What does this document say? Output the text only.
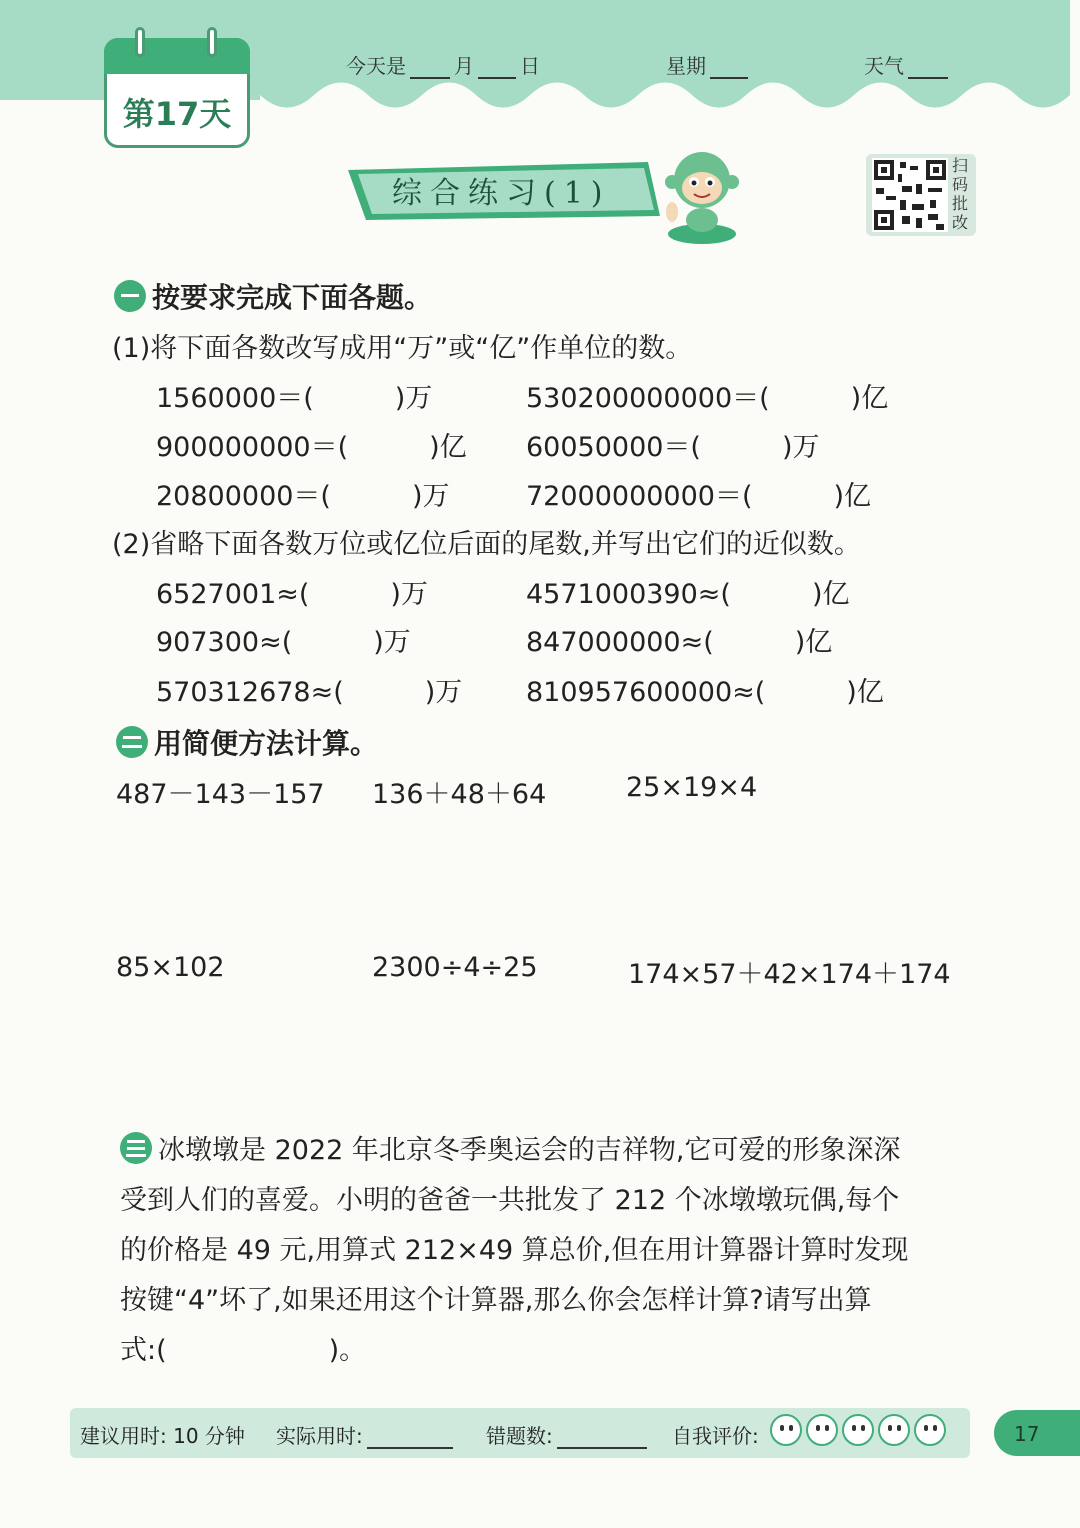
第17天
今天是 月 日	星期	天气
综合练习(1)
扫码批改
按要求完成下面各题。
(1)将下面各数改写成用“万”或“亿”作单位的数。
1560000＝(　　　)万	530200000000＝(　　　)亿
900000000＝(　　　)亿 60050000＝(　　　)万
20800000＝(　　　)万	72000000000＝(　　　)亿
(2)省略下面各数万位或亿位后面的尾数,并写出它们的近似数。
6527001≈(　　　)万	4571000390≈(　　　)亿
907300≈(　　　)万	847000000≈(　　　)亿
570312678≈(　　　)万 810957600000≈(　　　)亿
用简便方法计算。
487－143－157 136＋48＋64	25×19×4
85×102	2300÷4÷25	174×57＋42×174＋174
冰墩墩是 2022 年北京冬季奥运会的吉祥物,它可爱的形象深深
受到人们的喜爱。小明的爸爸一共批发了 212 个冰墩墩玩偶,每个
的价格是 49 元,用算式 212×49 算总价,但在用计算器计算时发现
按键“4”坏了,如果还用这个计算器,那么你会怎样计算?请写出算
式:(　　　　　　)。
建议用时: 10 分钟 实际用时:	错题数:	自我评价:	17
